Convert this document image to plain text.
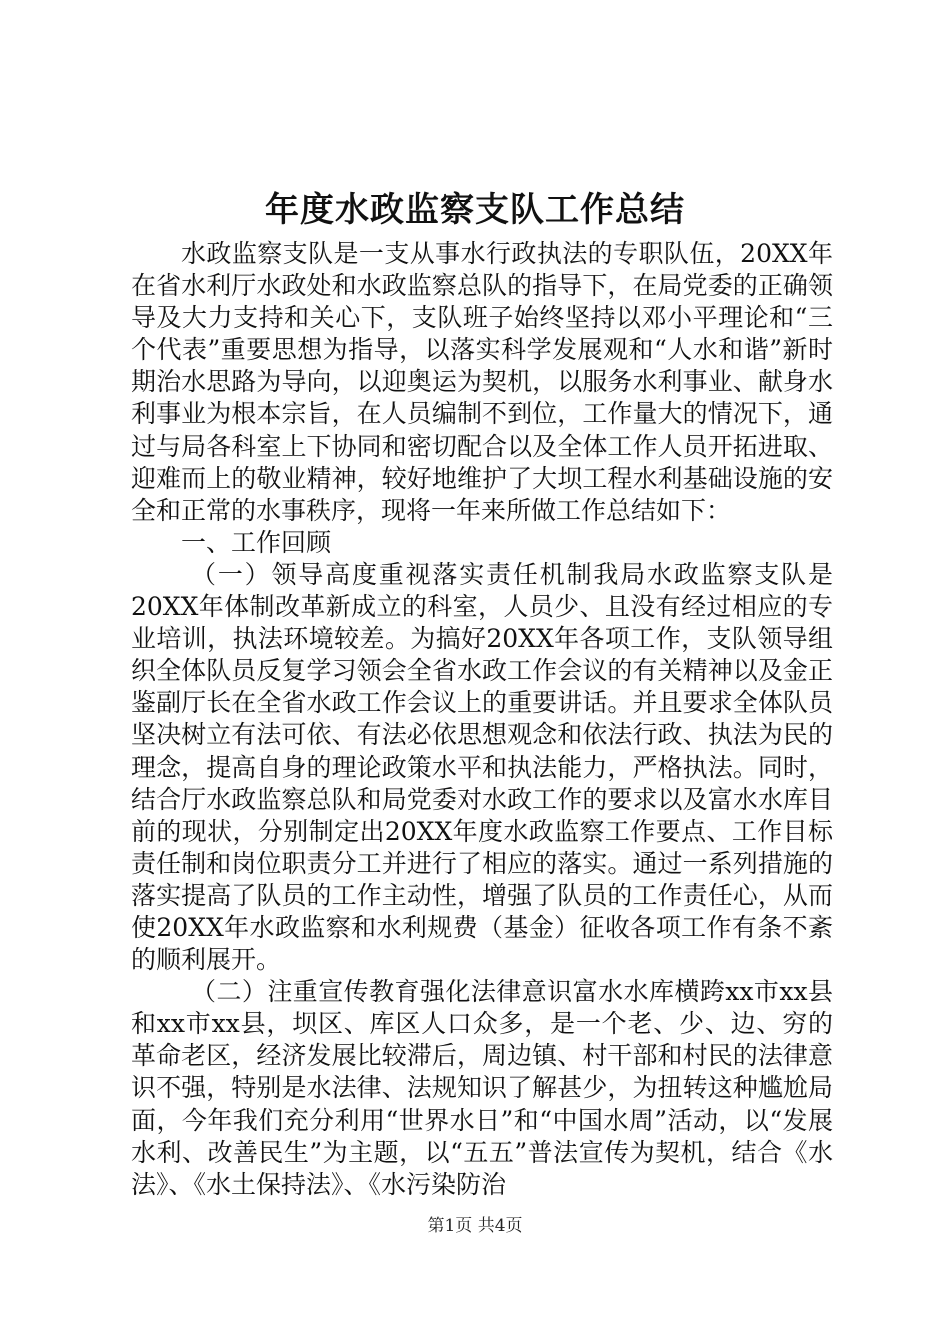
年度水政监察支队工作总结

水政监察支队是一支从事水行政执法的专职队伍，20XX年在省水利厅水政处和水政监察总队的指导下，在局党委的正确领导及大力支持和关心下，支队班子始终坚持以邓小平理论和“三个代表”重要思想为指导，以落实科学发展观和“人水和谐”新时期治水思路为导向，以迎奥运为契机，以服务水利事业、献身水利事业为根本宗旨，在人员编制不到位，工作量大的情况下，通过与局各科室上下协同和密切配合以及全体工作人员开拓进取、迎难而上的敬业精神，较好地维护了大坝工程水利基础设施的安全和正常的水事秩序，现将一年来所做工作总结如下：

一、工作回顾

（一）领导高度重视落实责任机制我局水政监察支队是20XX年体制改革新成立的科室，人员少、且没有经过相应的专业培训，执法环境较差。为搞好20XX年各项工作，支队领导组织全体队员反复学习领会全省水政工作会议的有关精神以及金正鉴副厅长在全省水政工作会议上的重要讲话。并且要求全体队员坚决树立有法可依、有法必依思想观念和依法行政、执法为民的理念，提高自身的理论政策水平和执法能力，严格执法。同时，结合厅水政监察总队和局党委对水政工作的要求以及富水水库目前的现状，分别制定出20XX年度水政监察工作要点、工作目标责任制和岗位职责分工并进行了相应的落实。通过一系列措施的落实提高了队员的工作主动性，增强了队员的工作责任心，从而使20XX年水政监察和水利规费（基金）征收各项工作有条不紊的顺利展开。

（二）注重宣传教育强化法律意识富水水库横跨xx市xx县和xx市xx县，坝区、库区人口众多，是一个老、少、边、穷的革命老区，经济发展比较滞后，周边镇、村干部和村民的法律意识不强，特别是水法律、法规知识了解甚少，为扭转这种尴尬局面，今年我们充分利用“世界水日”和“中国水周”活动，以“发展水利、改善民生”为主题，以“五五”普法宣传为契机，结合《水法》、《水土保持法》、《水污染防治

第1页 共4页
